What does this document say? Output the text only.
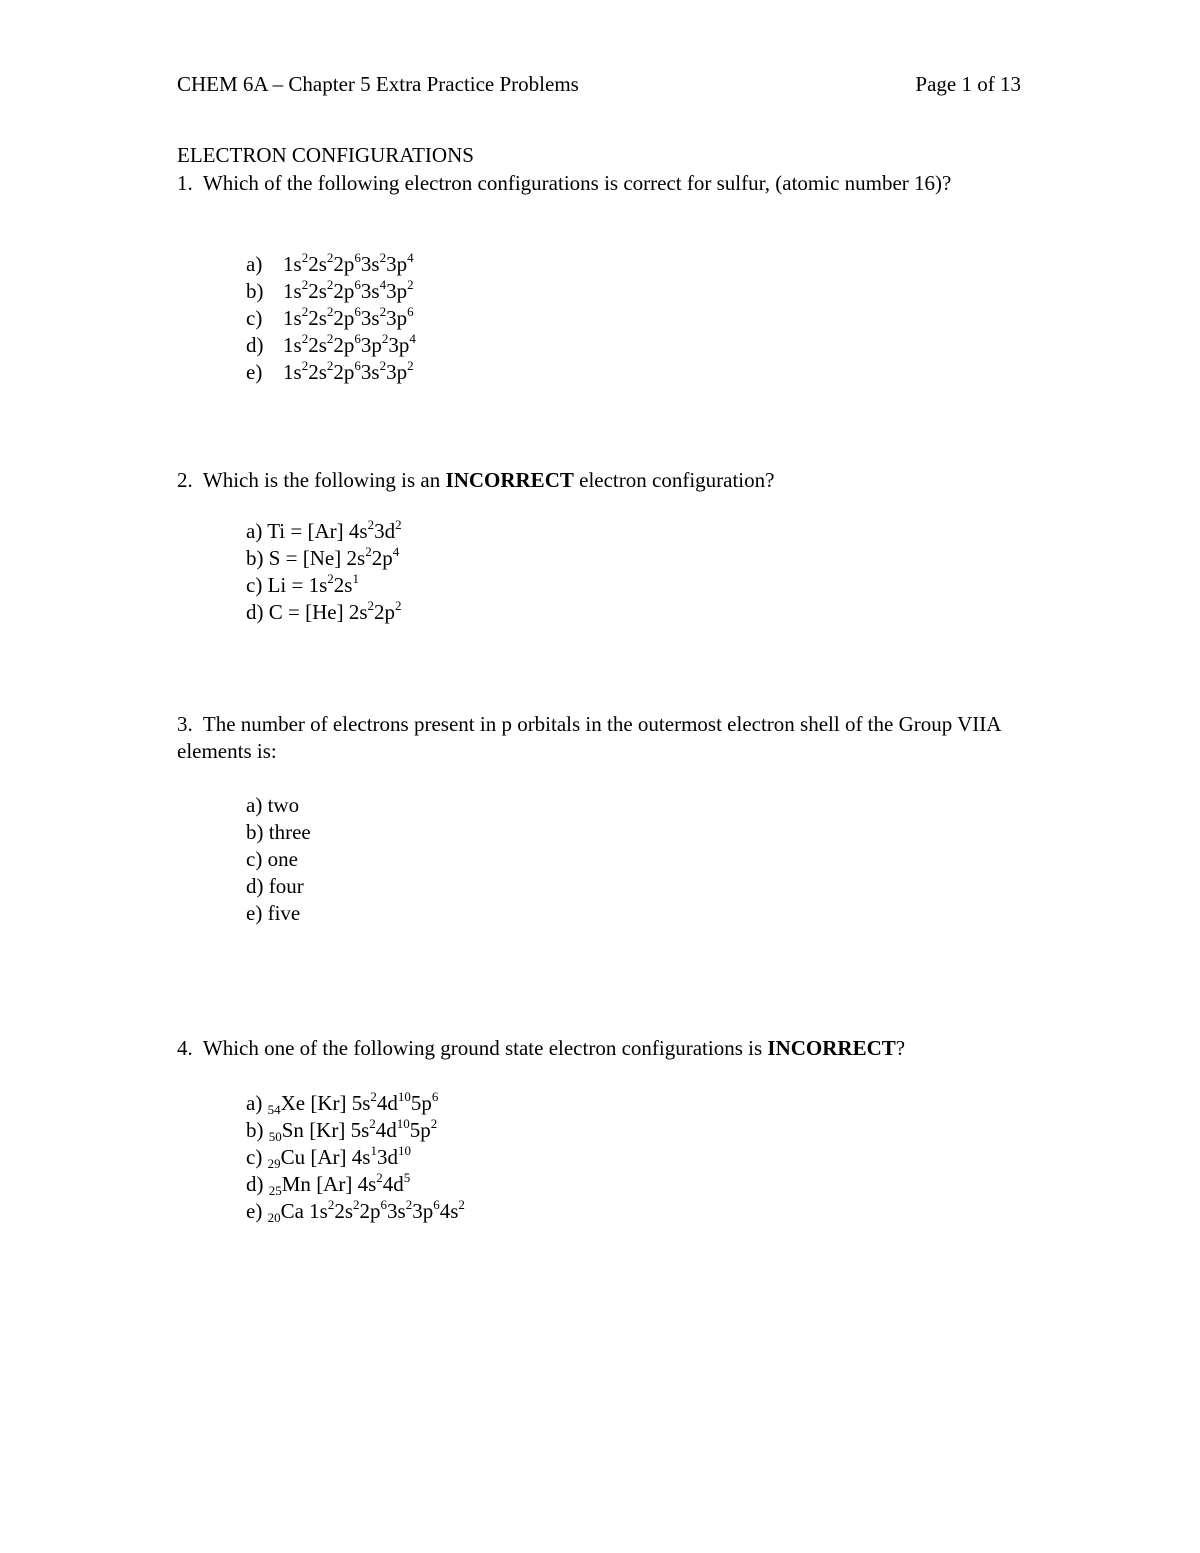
CHEM 6A – Chapter 5 Extra Practice Problems	Page 1 of 13
ELECTRON CONFIGURATIONS
1. Which of the following electron configurations is correct for sulfur, (atomic number 16)?
a) $1s^22s^22p^63s^23p^4$
b) $1s^22s^22p^63s^43p^2$
c) $1s^22s^22p^63s^23p^6$
d) $1s^22s^22p^63p^23p^4$
e) $1s^22s^22p^63s^23p^2$
2. Which is the following is an INCORRECT electron configuration?
a) Ti = [Ar] $4s^23d^2$
b) S = [Ne] $2s^22p^4$
c) $Li = 1s^22s^1$
d) C = [He] $2s^22p^2$
3. The number of electrons present in p orbitals in the outermost electron shell of the Group VIIA elements is:
a) two
b) three
c) one
d) four
e) five
4. Which one of the following ground state electron configurations is INCORRECT?
a) $_{54}$Xe [Kr] $5s^24d^{10}5p^6$
b) $_{50}$Sn [Kr] $5s^24d^{10}5p^2$
c) $_{29}$Cu [Ar] $4s^13d^{10}$
d) $_{25}$Mn [Ar] $4s^24d^5$
e) $_{20}$Ca $1s^22s^22p^63s^23p^64s^2$
